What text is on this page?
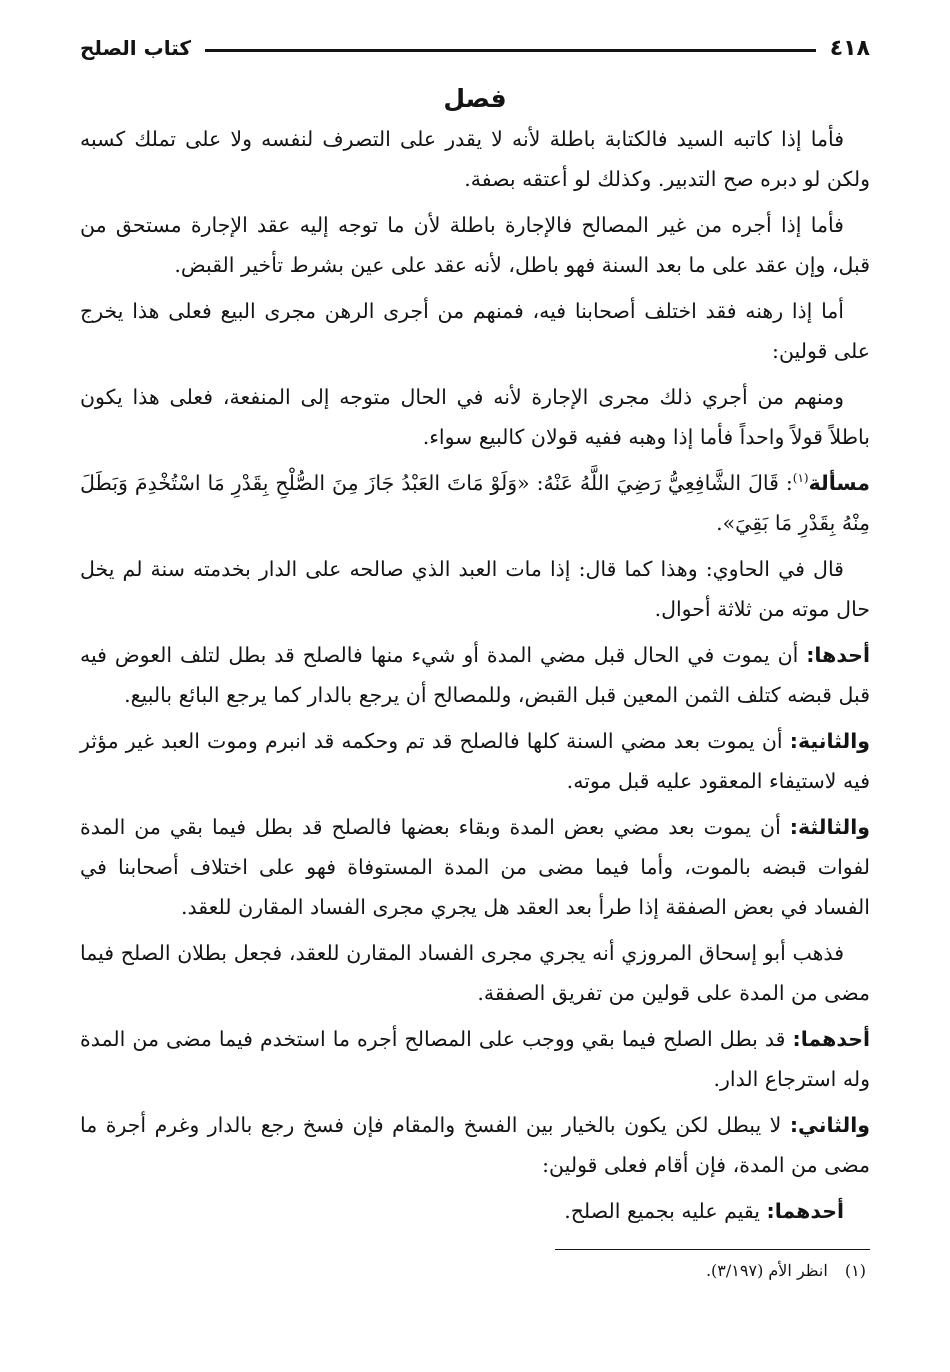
٤١٨
كتاب الصلح
فصل

فأما إذا كاتبه السيد فالكتابة باطلة لأنه لا يقدر على التصرف لنفسه ولا على تملك كسبه ولكن لو دبره صح التدبير. وكذلك لو أعتقه بصفة.

فأما إذا أجره من غير المصالح فالإجارة باطلة لأن ما توجه إليه عقد الإجارة مستحق من قبل، وإن عقد على ما بعد السنة فهو باطل، لأنه عقد على عين بشرط تأخير القبض.

أما إذا رهنه فقد اختلف أصحابنا فيه، فمنهم من أجرى الرهن مجرى البيع فعلى هذا يخرج على قولين:

ومنهم من أجري ذلك مجرى الإجارة لأنه في الحال متوجه إلى المنفعة، فعلى هذا يكون باطلاً قولاً واحداً فأما إذا وهبه ففيه قولان كالبيع سواء.

مسألة$^{(١)}$: قَالَ الشَّافِعِيُّ رَضِيَ اللَّهُ عَنْهُ: «وَلَوْ مَاتَ العَبْدُ جَازَ مِنَ الصُّلْحِ بِقَدْرِ مَا اسْتُخْدِمَ وَبَطَلَ مِنْهُ بِقَدْرِ مَا بَقِيَ».

قال في الحاوي: وهذا كما قال: إذا مات العبد الذي صالحه على الدار بخدمته سنة لم يخل حال موته من ثلاثة أحوال.

أحدها: أن يموت في الحال قبل مضي المدة أو شيء منها فالصلح قد بطل لتلف العوض فيه قبل قبضه كتلف الثمن المعين قبل القبض، وللمصالح أن يرجع بالدار كما يرجع البائع بالبيع.

والثانية: أن يموت بعد مضي السنة كلها فالصلح قد تم وحكمه قد انبرم وموت العبد غير مؤثر فيه لاستيفاء المعقود عليه قبل موته.

والثالثة: أن يموت بعد مضي بعض المدة وبقاء بعضها فالصلح قد بطل فيما بقي من المدة لفوات قبضه بالموت، وأما فيما مضى من المدة المستوفاة فهو على اختلاف أصحابنا في الفساد في بعض الصفقة إذا طرأ بعد العقد هل يجري مجرى الفساد المقارن للعقد.

فذهب أبو إسحاق المروزي أنه يجري مجرى الفساد المقارن للعقد، فجعل بطلان الصلح فيما مضى من المدة على قولين من تفريق الصفقة.

أحدهما: قد بطل الصلح فيما بقي ووجب على المصالح أجره ما استخدم فيما مضى من المدة وله استرجاع الدار.

والثاني: لا يبطل لكن يكون بالخيار بين الفسخ والمقام فإن فسخ رجع بالدار وغرم أجرة ما مضى من المدة، فإن أقام فعلى قولين:

أحدهما: يقيم عليه بجميع الصلح.

(١) انظر الأم (٣/١٩٧).
